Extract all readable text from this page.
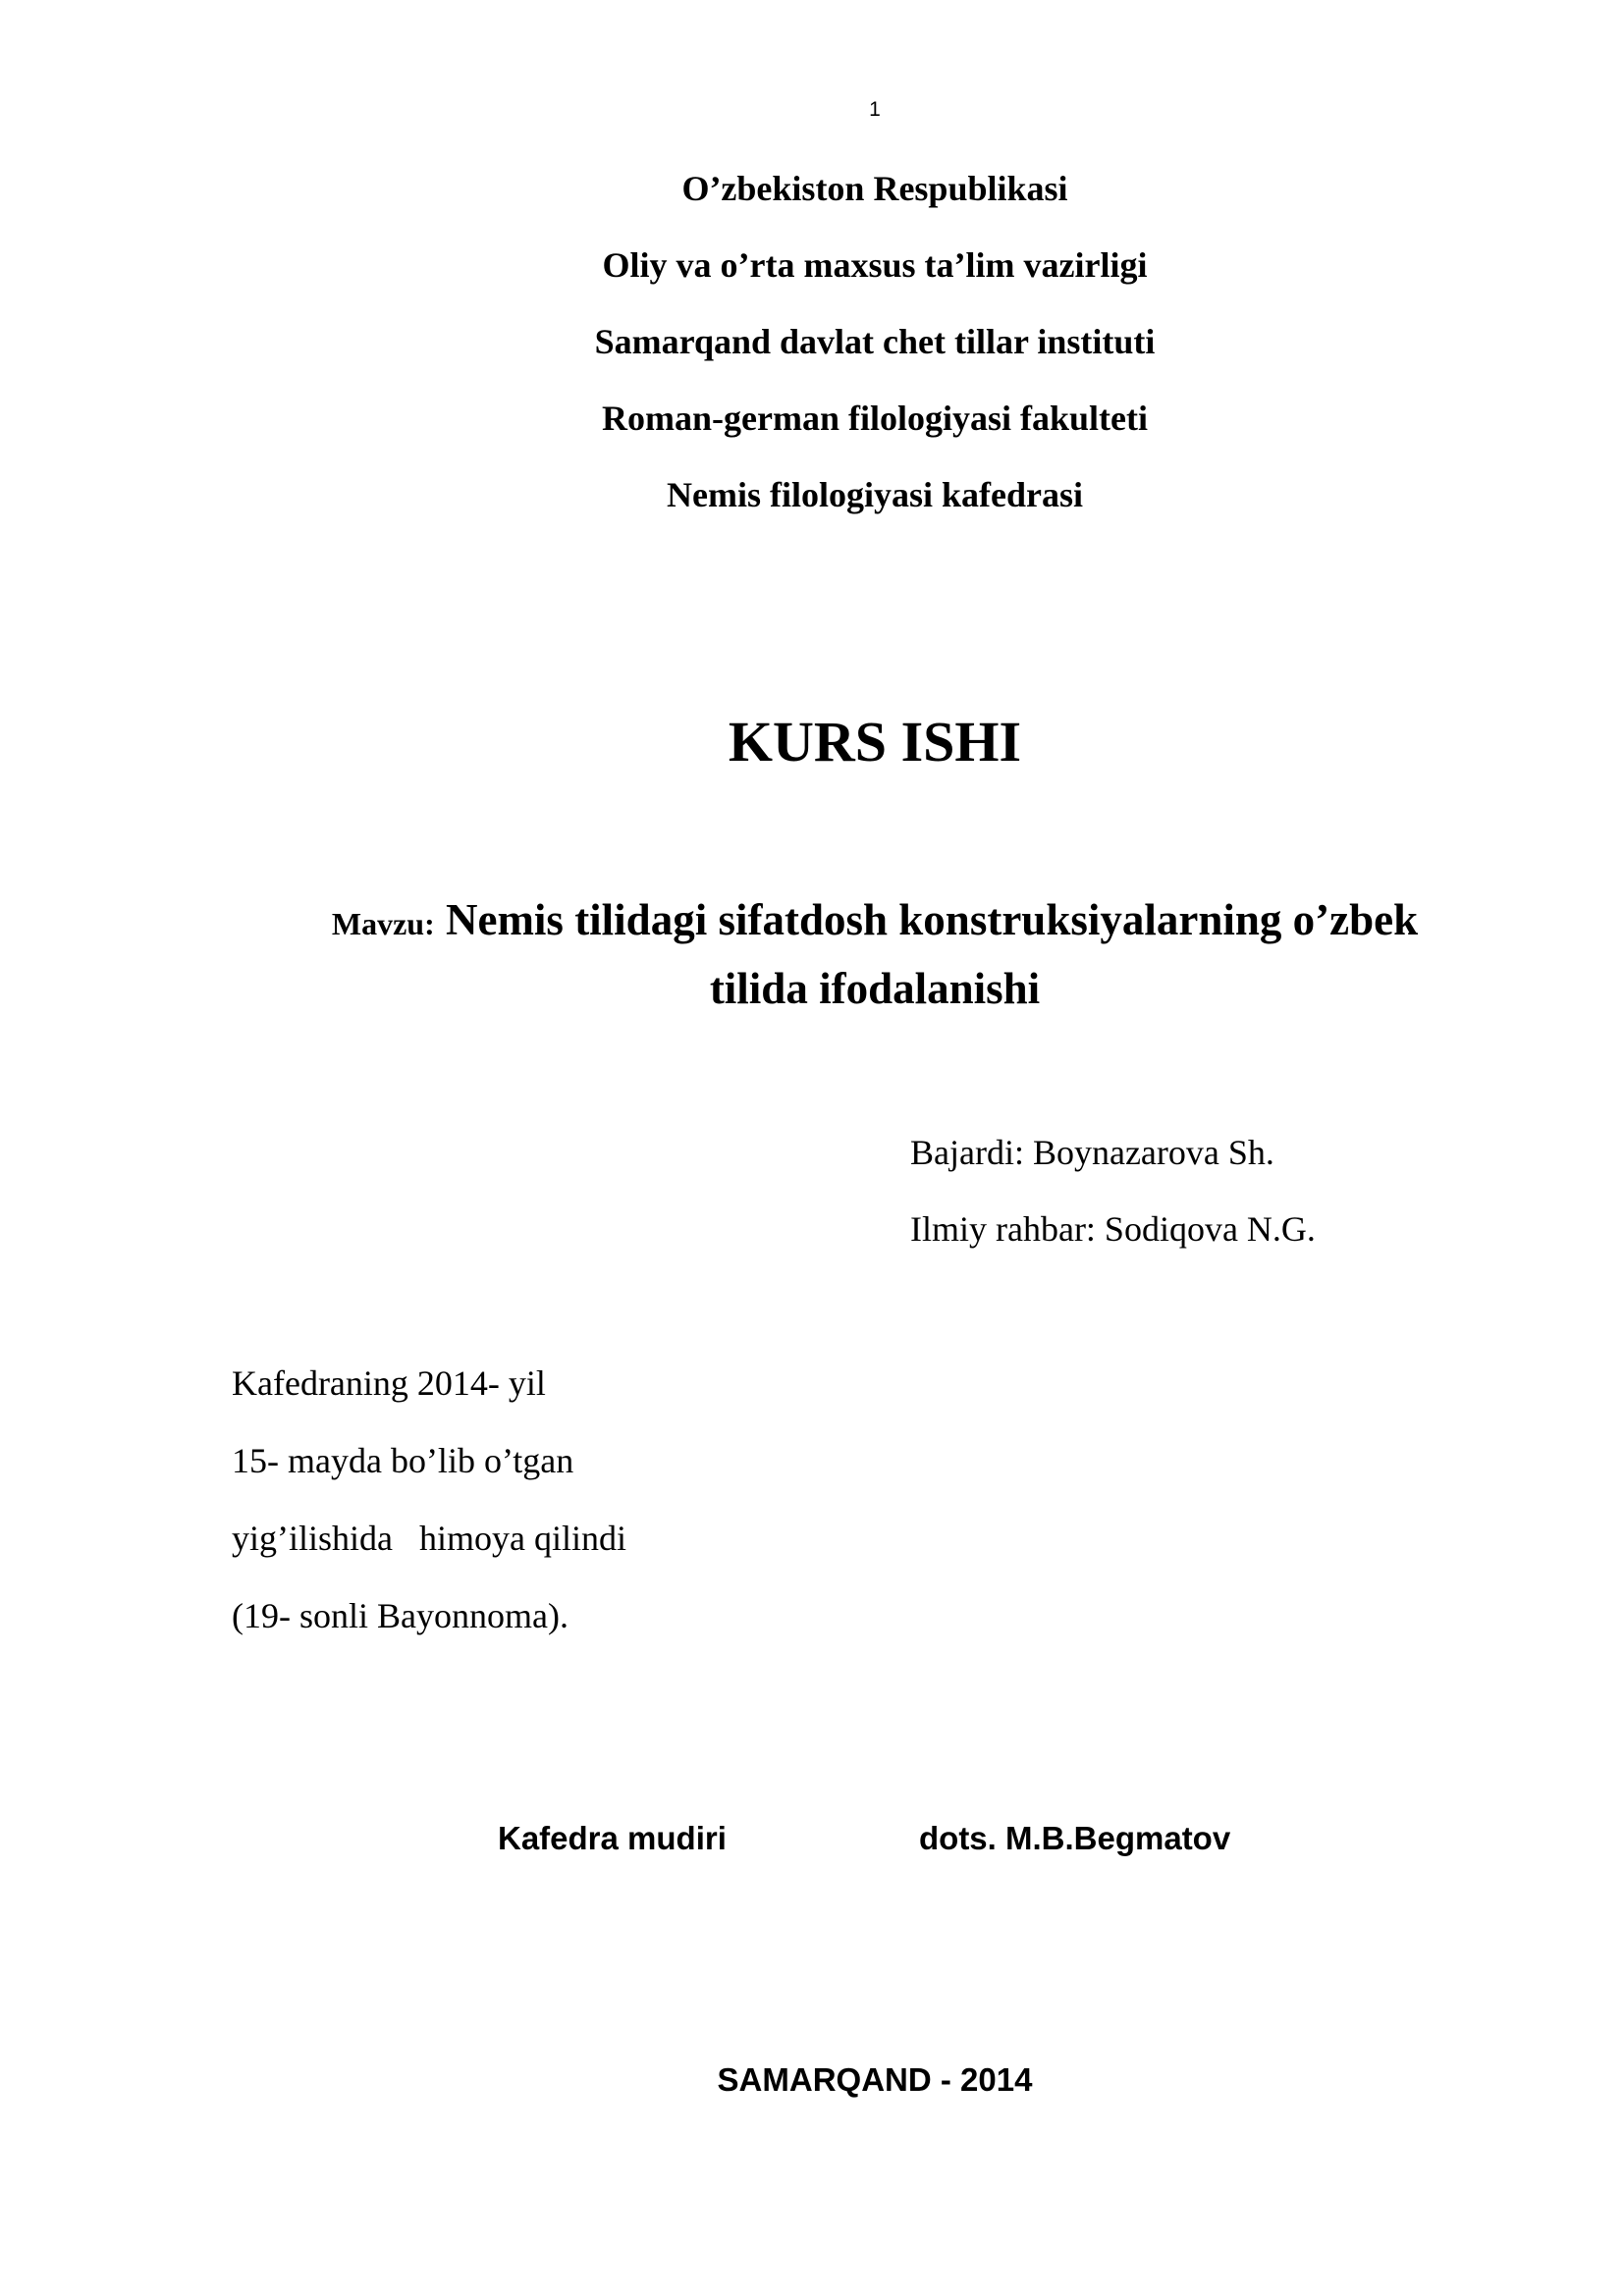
1
O’zbekiston Respublikasi
Oliy va o’rta maxsus ta’lim vazirligi
Samarqand davlat chet tillar instituti
Roman-german filologiyasi fakulteti
Nemis filologiyasi kafedrasi
KURS ISHI
Mavzu: Nemis tilidagi sifatdosh konstruksiyalarning o’zbek
tilida ifodalanishi
Bajardi: Boynazarova Sh.
Ilmiy rahbar: Sodiqova N.G.
Kafedraning 2014- yil
15- mayda bo’lib o’tgan
yig’ilishida   himoya qilindi
(19- sonli Bayonnoma).
Kafedra mudiri	dots. M.B.Begmatov
SAMARQAND - 2014
